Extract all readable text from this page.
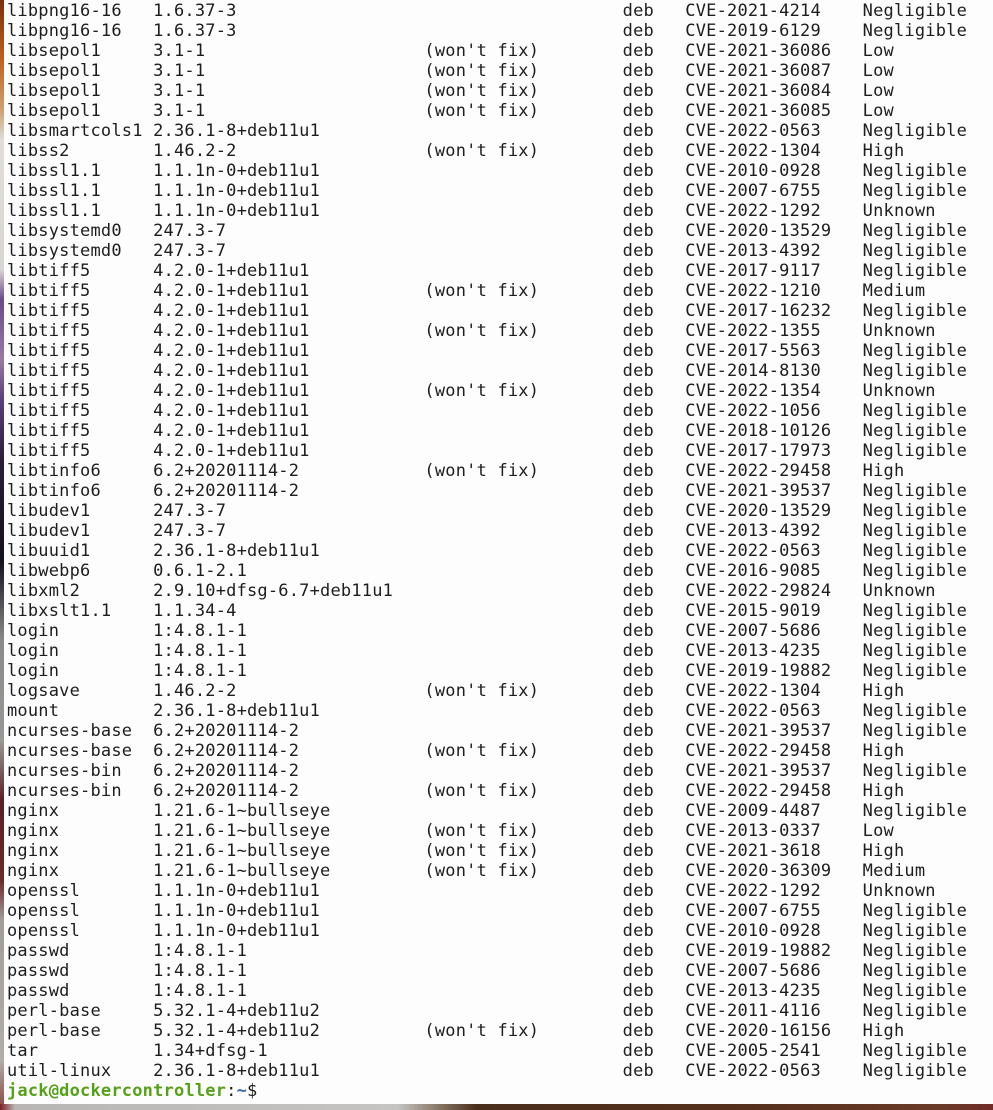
libpng16-16   1.6.37-3                                     deb   CVE-2021-4214    Negligible
libpng16-16   1.6.37-3                                     deb   CVE-2019-6129    Negligible
libsepol1     3.1-1                     (won't fix)        deb   CVE-2021-36086   Low
libsepol1     3.1-1                     (won't fix)        deb   CVE-2021-36087   Low
libsepol1     3.1-1                     (won't fix)        deb   CVE-2021-36084   Low
libsepol1     3.1-1                     (won't fix)        deb   CVE-2021-36085   Low
libsmartcols1 2.36.1-8+deb11u1                             deb   CVE-2022-0563    Negligible
libss2        1.46.2-2                  (won't fix)        deb   CVE-2022-1304    High
libssl1.1     1.1.1n-0+deb11u1                             deb   CVE-2010-0928    Negligible
libssl1.1     1.1.1n-0+deb11u1                             deb   CVE-2007-6755    Negligible
libssl1.1     1.1.1n-0+deb11u1                             deb   CVE-2022-1292    Unknown
libsystemd0   247.3-7                                      deb   CVE-2020-13529   Negligible
libsystemd0   247.3-7                                      deb   CVE-2013-4392    Negligible
libtiff5      4.2.0-1+deb11u1                              deb   CVE-2017-9117    Negligible
libtiff5      4.2.0-1+deb11u1           (won't fix)        deb   CVE-2022-1210    Medium
libtiff5      4.2.0-1+deb11u1                              deb   CVE-2017-16232   Negligible
libtiff5      4.2.0-1+deb11u1           (won't fix)        deb   CVE-2022-1355    Unknown
libtiff5      4.2.0-1+deb11u1                              deb   CVE-2017-5563    Negligible
libtiff5      4.2.0-1+deb11u1                              deb   CVE-2014-8130    Negligible
libtiff5      4.2.0-1+deb11u1           (won't fix)        deb   CVE-2022-1354    Unknown
libtiff5      4.2.0-1+deb11u1                              deb   CVE-2022-1056    Negligible
libtiff5      4.2.0-1+deb11u1                              deb   CVE-2018-10126   Negligible
libtiff5      4.2.0-1+deb11u1                              deb   CVE-2017-17973   Negligible
libtinfo6     6.2+20201114-2            (won't fix)        deb   CVE-2022-29458   High
libtinfo6     6.2+20201114-2                               deb   CVE-2021-39537   Negligible
libudev1      247.3-7                                      deb   CVE-2020-13529   Negligible
libudev1      247.3-7                                      deb   CVE-2013-4392    Negligible
libuuid1      2.36.1-8+deb11u1                             deb   CVE-2022-0563    Negligible
libwebp6      0.6.1-2.1                                    deb   CVE-2016-9085    Negligible
libxml2       2.9.10+dfsg-6.7+deb11u1                      deb   CVE-2022-29824   Unknown
libxslt1.1    1.1.34-4                                     deb   CVE-2015-9019    Negligible
login         1:4.8.1-1                                    deb   CVE-2007-5686    Negligible
login         1:4.8.1-1                                    deb   CVE-2013-4235    Negligible
login         1:4.8.1-1                                    deb   CVE-2019-19882   Negligible
logsave       1.46.2-2                  (won't fix)        deb   CVE-2022-1304    High
mount         2.36.1-8+deb11u1                             deb   CVE-2022-0563    Negligible
ncurses-base  6.2+20201114-2                               deb   CVE-2021-39537   Negligible
ncurses-base  6.2+20201114-2            (won't fix)        deb   CVE-2022-29458   High
ncurses-bin   6.2+20201114-2                               deb   CVE-2021-39537   Negligible
ncurses-bin   6.2+20201114-2            (won't fix)        deb   CVE-2022-29458   High
nginx         1.21.6-1~bullseye                            deb   CVE-2009-4487    Negligible
nginx         1.21.6-1~bullseye         (won't fix)        deb   CVE-2013-0337    Low
nginx         1.21.6-1~bullseye         (won't fix)        deb   CVE-2021-3618    High
nginx         1.21.6-1~bullseye         (won't fix)        deb   CVE-2020-36309   Medium
openssl       1.1.1n-0+deb11u1                             deb   CVE-2022-1292    Unknown
openssl       1.1.1n-0+deb11u1                             deb   CVE-2007-6755    Negligible
openssl       1.1.1n-0+deb11u1                             deb   CVE-2010-0928    Negligible
passwd        1:4.8.1-1                                    deb   CVE-2019-19882   Negligible
passwd        1:4.8.1-1                                    deb   CVE-2007-5686    Negligible
passwd        1:4.8.1-1                                    deb   CVE-2013-4235    Negligible
perl-base     5.32.1-4+deb11u2                             deb   CVE-2011-4116    Negligible
perl-base     5.32.1-4+deb11u2          (won't fix)        deb   CVE-2020-16156   High
tar           1.34+dfsg-1                                  deb   CVE-2005-2541    Negligible
util-linux    2.36.1-8+deb11u1                             deb   CVE-2022-0563    Negligible
jack@dockercontroller:~$
